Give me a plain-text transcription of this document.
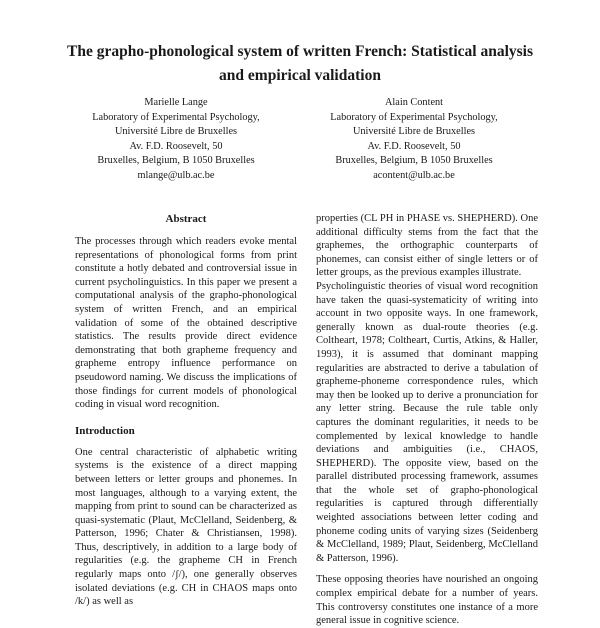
The grapho-phonological system of written French: Statistical analysis and empirical validation
Marielle Lange
Laboratory of Experimental Psychology,
Université Libre de Bruxelles
Av. F.D. Roosevelt, 50
Bruxelles, Belgium, B 1050 Bruxelles
mlange@ulb.ac.be
Alain Content
Laboratory of Experimental Psychology,
Université Libre de Bruxelles
Av. F.D. Roosevelt, 50
Bruxelles, Belgium, B 1050 Bruxelles
acontent@ulb.ac.be

Abstract

The processes through which readers evoke mental representations of phonological forms from print constitute a hotly debated and controversial issue in current psycholinguistics. In this paper we present a computational analysis of the grapho-phonological system of written French, and an empirical validation of some of the obtained descriptive statistics. The results provide direct evidence demonstrating that both grapheme frequency and grapheme entropy influence performance on pseudoword naming. We discuss the implications of those findings for current models of phonological coding in visual word recognition.

Introduction

One central characteristic of alphabetic writing systems is the existence of a direct mapping between letters or letter groups and phonemes. In most languages, although to a varying extent, the mapping from print to sound can be characterized as quasi-systematic (Plaut, McClelland, Seidenberg, & Patterson, 1996; Chater & Christiansen, 1998). Thus, descriptively, in addition to a large body of regularities (e.g. the grapheme CH in French regularly maps onto /ʃ/), one generally observes isolated deviations (e.g. CH in CHAOS maps onto /k/) as well as

properties (CL PH in PHASE vs. SHEPHERD). One additional difficulty stems from the fact that the graphemes, the orthographic counterparts of phonemes, can consist either of single letters or of letter groups, as the previous examples illustrate.

Psycholinguistic theories of visual word recognition have taken the quasi-systematicity of writing into account in two opposite ways. In one framework, generally known as dual-route theories (e.g. Coltheart, 1978; Coltheart, Curtis, Atkins, & Haller, 1993), it is assumed that dominant mapping regularities are abstracted to derive a tabulation of grapheme-phoneme correspondence rules, which may then be looked up to derive a pronunciation for any letter string. Because the rule table only captures the dominant regularities, it needs to be complemented by lexical knowledge to handle deviations and ambiguities (i.e., CHAOS, SHEPHERD). The opposite view, based on the parallel distributed processing framework, assumes that the whole set of grapho-phonological regularities is captured through differentially weighted associations between letter coding and phoneme coding units of varying sizes (Seidenberg & McClelland, 1989; Plaut, Seidenberg, McClelland & Patterson, 1996).

These opposing theories have nourished an ongoing complex empirical debate for a number of years. This controversy constitutes one instance of a more general issue in cognitive science.
